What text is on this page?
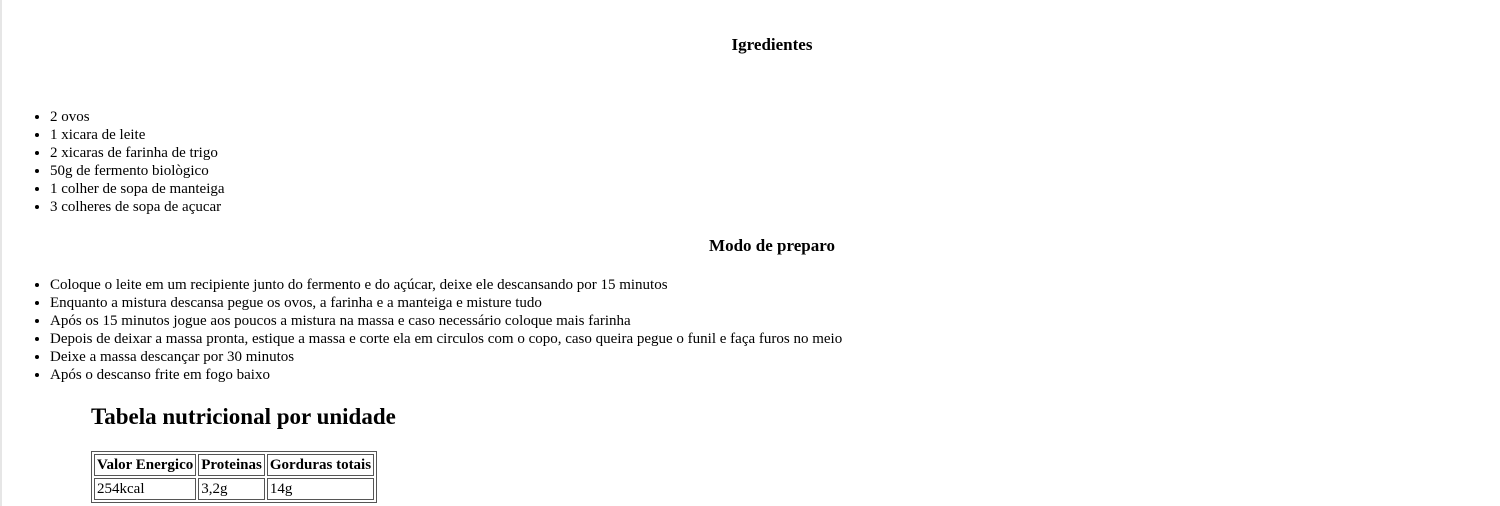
Igredientes
• 2 ovos
• 1 xicara de leite
• 2 xicaras de farinha de trigo
• 50g de fermento biològico
• 1 colher de sopa de manteiga
• 3 colheres de sopa de açucar
Modo de preparo
• Coloque o leite em um recipiente junto do fermento e do açúcar, deixe ele descansando por 15 minutos
• Enquanto a mistura descansa pegue os ovos, a farinha e a manteiga e misture tudo
• Após os 15 minutos jogue aos poucos a mistura na massa e caso necessário coloque mais farinha
• Depois de deixar a massa pronta, estique a massa e corte ela em circulos com o copo, caso queira pegue o funil e faça furos no meio
• Deixe a massa descançar por 30 minutos
• Após o descanso frite em fogo baixo
Tabela nutricional por unidade
Valor Energico	Proteinas	Gorduras totais
254kcal	3,2g	14g
